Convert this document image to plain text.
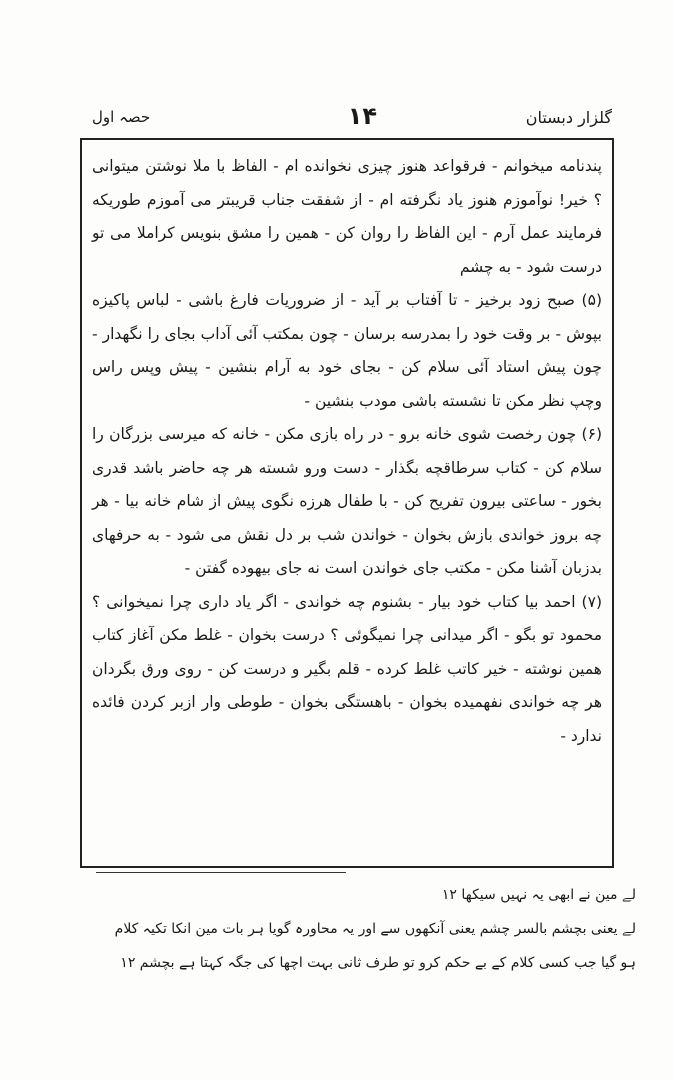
گلزار دبستان
۱۴
حصہ اول

پندنامه میخوانم - فرقواعد هنوز چیزی نخوانده ام - الفاظ با ملا نوشتن میتوانی ؟ خیر! نوآموزم هنوز یاد نگرفته ام - از شفقت جناب قریبتر می آموزم طوریکه فرمایند عمل آرم - این الفاظ را روان کن - همین را مشق بنویس کراملا می تو درست شود - به چشم

(۵) صبح زود برخیز - تا آفتاب بر آید - از ضروریات فارغ باشی - لباس پاکیزه بپوش - بر وقت خود را بمدرسه برسان - چون بمکتب آئی آداب بجای را نگهدار - چون پیش استاد آئی سلام کن - بجای خود به آرام بنشین - پیش وپس راس وچپ نظر مکن تا نشسته باشی مودب بنشین -

(۶) چون رخصت شوی خانه برو - در راه بازی مکن - خانه که میرسی بزرگان را سلام کن - کتاب سرطاقچه بگذار - دست ورو شسته هر چه حاضر باشد قدری بخور - ساعتی بیرون تفریح کن - با طفال هرزه نگوی پیش از شام خانه بیا - هر چه بروز خواندی بازش بخوان - خواندن شب بر دل نقش می شود - به حرفهای بدزبان آشنا مکن - مکتب جای خواندن است نه جای بیهوده گفتن -

(۷) احمد بیا کتاب خود بیار - بشنوم چه خواندی - اگر یاد داری چرا نمیخوانی ؟ محمود تو بگو - اگر میدانی چرا نمیگوئی ؟ درست بخوان - غلط مکن آغاز کتاب همین نوشته - خیر کاتب غلط کرده - قلم بگیر و درست کن - روی ورق بگردان هر چه خواندی نفهمیده بخوان - باهستگی بخوان - طوطی وار ازبر کردن فائده ندارد -

ﻟﮯ مین نے ابھی یہ نہیں سیکھا ۱۲

ﻟﮯ یعنی بچشم بالسر چشم یعنی آنکھوں سے اور یہ محاورہ گویا ہر بات مین انکا تکیہ کلام ہو گیا جب کسی کلام کے بے حکم کرو تو طرف ثانی بہت اچھا کی جگہ کہتا ہے بچشم ۱۲
